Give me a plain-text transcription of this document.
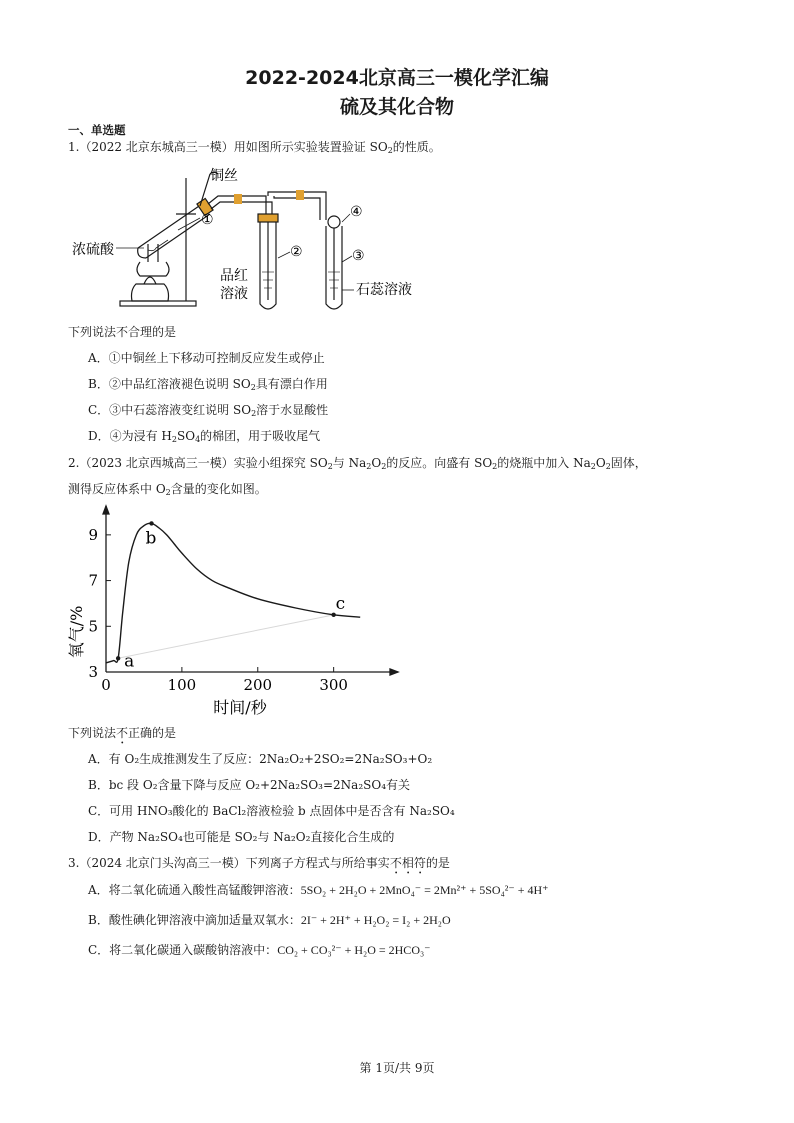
2022-2024北京高三一模化学汇编
硫及其化合物
一、单选题
1.（2022 北京东城高三一模）用如图所示实验装置验证 $SO_2$的性质。
铜丝
浓硫酸
①
②	③
④
品红
溶液	石蕊溶液
下列说法不合理的是
A．①中铜丝上下移动可控制反应发生或停止
B．②中品红溶液褪色说明 $SO_2$具有漂白作用
C．③中石蕊溶液变红说明 $SO_2$溶于水显酸性
D．④为浸有 $H_2SO_4$的棉团，用于吸收尾气
2.（2023 北京西城高三一模）实验小组探究 $SO_2$与 $Na_2O_2$的反应。向盛有 $SO_2$的烧瓶中加入 $Na_2O_2$固体，
测得反应体系中 $O_2$含量的变化如图。
0	100	200	300
3
5
7
9
a
b
c
氧气/%
时间/秒
下列说法不正确的是
A．有 O₂生成推测发生了反应：2Na₂O₂+2SO₂=2Na₂SO₃+O₂
B．bc 段 O₂含量下降与反应 O₂+2Na₂SO₃=2Na₂SO₄有关
C．可用 HNO₃酸化的 BaCl₂溶液检验 b 点固体中是否含有 Na₂SO₄
D．产物 Na₂SO₄也可能是 SO₂与 Na₂O₂直接化合生成的
3.（2024 北京门头沟高三一模）下列离子方程式与所给事实不相符的是
A．将二氧化硫通入酸性高锰酸钾溶液：5SO₂ + 2H₂O + 2MnO₄⁻ = 2Mn²⁺ + 5SO₄²⁻ + 4H⁺
B．酸性碘化钾溶液中滴加适量双氧水：2I⁻ + 2H⁺ + H₂O₂ = I₂ + 2H₂O
C．将二氧化碳通入碳酸钠溶液中：CO₂ + CO₃²⁻ + H₂O = 2HCO₃⁻
第 1页/共 9页
